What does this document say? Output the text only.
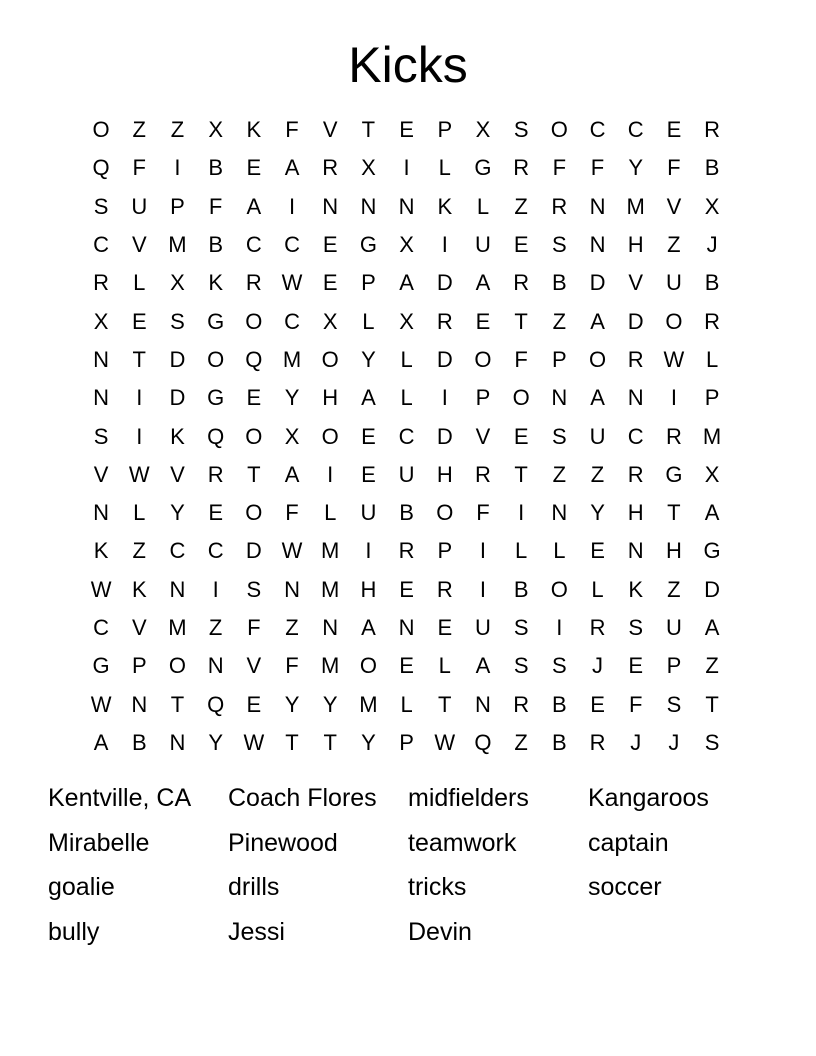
Kicks
O	Z	Z	X	K	F	V	T	E	P	X	S	O C	C	E	R
Q	F	I	B	E	A	R	X	I	L	G R	F	F	Y	F	B
S	U	P	F	A	I	N	N	N	K	L	Z	R	N M V	X
C	V M B	C	C	E	G	X	I	U	E	S	N	H	Z	J
R	L	X	K	R W E	P	A	D	A	R	B	D	V	U	B
X	E	S	G O C	X	L	X	R	E	T	Z	A	D O R
N	T	D O Q M O	Y	L	D O	F	P	O R W L
N	I	D G	E	Y	H	A	L	I	P	O N	A	N	I	P
S	I	K	Q O	X	O	E	C	D	V	E	S	U	C	R M
V W V	R	T	A	I	E	U	H	R	T	Z	Z	R G	X
N	L	Y	E	O	F	L	U	B	O	F	I	N	Y	H	T	A
K	Z	C	C	D W M	I	R	P	I	L	L	E	N	H G
W K	N	I	S	N M H	E	R	I	B	O	L	K	Z	D
C	V M	Z	F	Z	N	A	N	E	U	S	I	R	S	U	A
G	P	O N	V	F	M O	E	L	A	S	S	J	E	P	Z
W N	T	Q	E	Y	Y M	L	T	N	R	B	E	F	S	T
A	B	N	Y W T	T	Y	P W Q	Z	B	R	J	J	S
Kentville, CA	Coach Flores	midfielders	Kangaroos
Mirabelle	Pinewood	teamwork	captain
goalie	drills	tricks	soccer
bully	Jessi	Devin
